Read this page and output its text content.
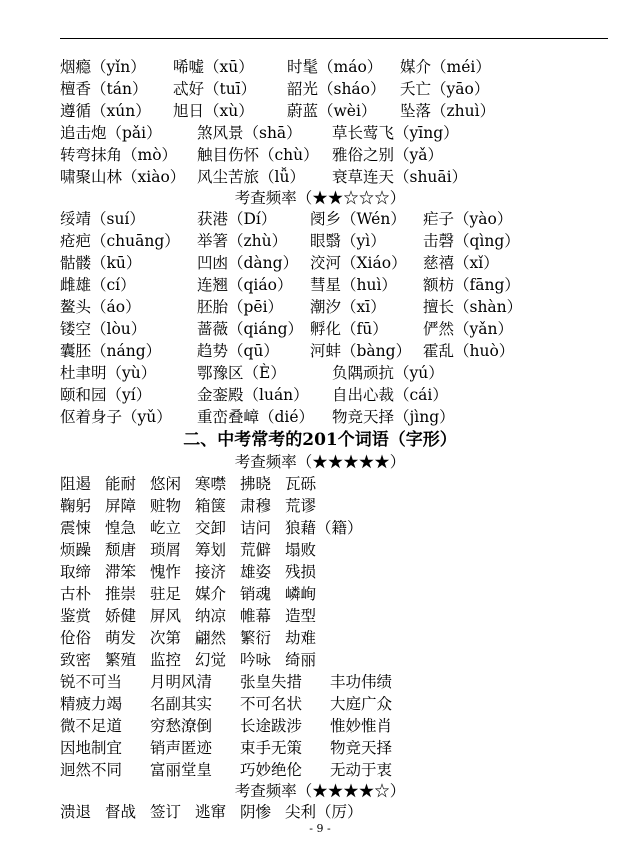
烟瘾（yǐn） 唏嘘（xū） 时髦（máo） 媒介（méi）
檀香（tán） 忒好（tuī） 韶光（sháo） 夭亡（yāo）
遵循（xún） 旭日（xù） 蔚蓝（wèi） 坠落（zhuì）
追击炮（pǎi） 煞风景（shā） 草长莺飞（yīng）
转弯抹角（mò） 触目伤怀（chù） 雅俗之别（yǎ）
啸聚山林（xiào） 风尘苦旅（lǚ） 衰草连天（shuāi）
考查频率（★★☆☆☆）
绥靖（suí）	获港（Dí） 阌乡（Wén） 疟子（yào）
疮疤（chuāng） 举箸（zhù） 眼翳（yì） 击磬（qìng）
骷髅（kū）	凹凼（dàng） 洨河（Xiáo） 慈禧（xǐ）
雌雄（cí）	连翘（qiáo） 彗星（huì） 额枋（fāng）
鳌头（áo）	胚胎（pēi） 潮汐（xī） 擅长（shàn）
镂空（lòu）	蔷薇（qiáng） 孵化（fū） 俨然（yǎn）
囊胚（náng） 趋势（qū） 河蚌（bàng） 霍乱（huò）
杜聿明（yù）	鄂豫区（È）	负隅顽抗（yú）
颐和园（yí）	金銮殿（luán） 自出心裁（cái）
伛着身子（yǔ） 重峦叠嶂（dié） 物竞天择（jìng）
二、中考常考的201个词语（字形）
考查频率（★★★★★）
阻遏 能耐 悠闲 寒噤 拂晓 瓦砾
鞠躬 屏障 赃物 箱箧 肃穆 荒谬
震悚 惶急 屹立 交卸 诘问 狼藉（籍）
烦躁 颓唐 琐屑 筹划 荒僻 塌败
取缔 滞笨 愧怍 接济 雄姿 残损
古朴 推崇 驻足 媒介 销魂 嶙峋
鉴赏 娇健 屏风 纳凉 帷幕 造型
伧俗 萌发 次第 翩然 繁衍 劫难
致密 繁殖 监控 幻觉 吟咏 绮丽
锐不可当 月明风清 张皇失措 丰功伟绩
精疲力竭 名副其实 不可名状 大庭广众
微不足道 穷愁潦倒 长途跋涉 惟妙惟肖
因地制宜 销声匿迹 束手无策 物竞天择
迥然不同 富丽堂皇 巧妙绝伦 无动于衷
考查频率（★★★★☆）
溃退 督战 签订 逃窜 阴惨 尖利（厉）
- 9 -
